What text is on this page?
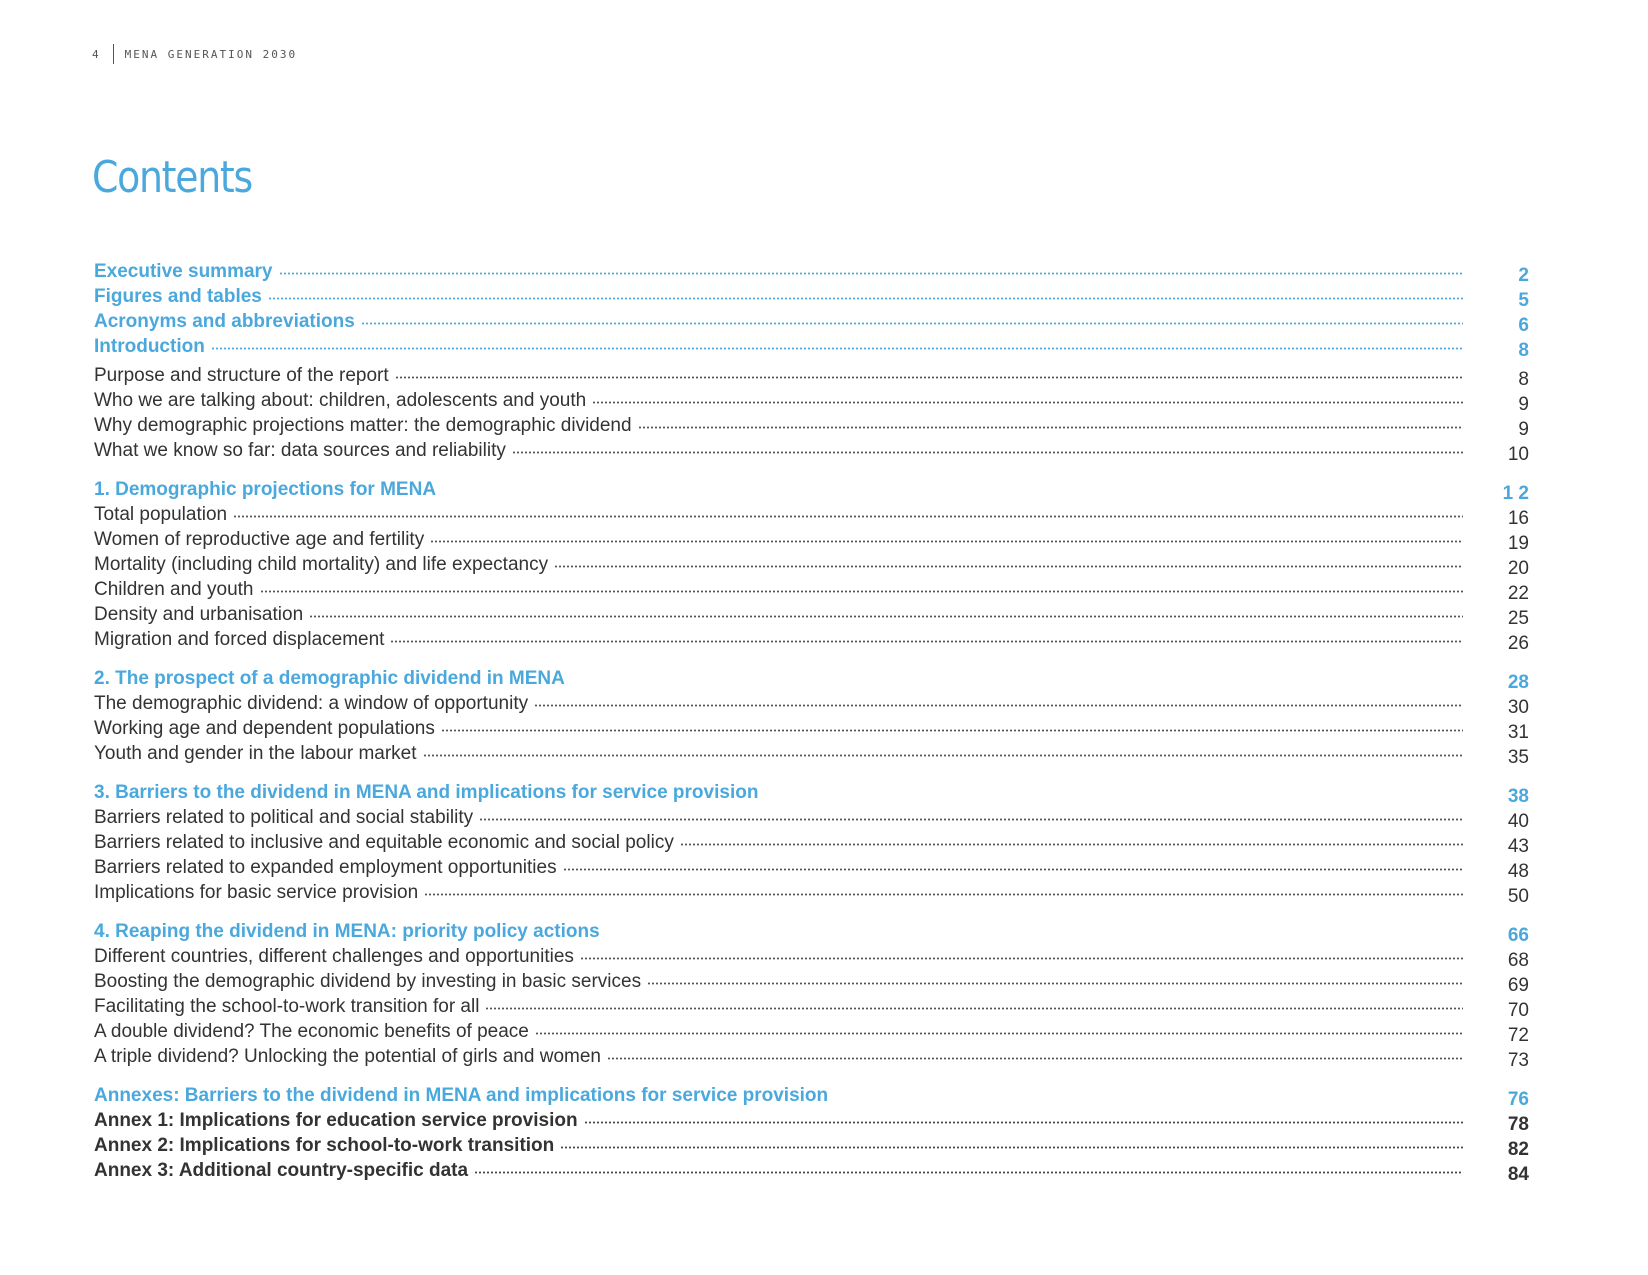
4 MENA GENERATION 2030
Contents
Executive summary	2
Figures and tables	5
Acronyms and abbreviations	6
Introduction	8
Purpose and structure of the report	8
Who we are talking about: children, adolescents and youth	9
Why demographic projections matter: the demographic dividend	9
What we know so far: data sources and reliability	10
1. Demographic projections for MENA	1 2
Total population	16
Women of reproductive age and fertility	19
Mortality (including child mortality) and life expectancy	20
Children and youth	22
Density and urbanisation	25
Migration and forced displacement	26
2. The prospect of a demographic dividend in MENA	28
The demographic dividend: a window of opportunity	30
Working age and dependent populations	31
Youth and gender in the labour market	35
3. Barriers to the dividend in MENA and implications for service provision	38
Barriers related to political and social stability	40
Barriers related to inclusive and equitable economic and social policy	43
Barriers related to expanded employment opportunities	48
Implications for basic service provision	50
4. Reaping the dividend in MENA: priority policy actions	66
Different countries, different challenges and opportunities	68
Boosting the demographic dividend by investing in basic services	69
Facilitating the school-to-work transition for all	70
A double dividend? The economic benefits of peace	72
A triple dividend? Unlocking the potential of girls and women	73
Annexes: Barriers to the dividend in MENA and implications for service provision	76
Annex 1: Implications for education service provision	78
Annex 2: Implications for school-to-work transition	82
Annex 3: Additional country-specific data	84
